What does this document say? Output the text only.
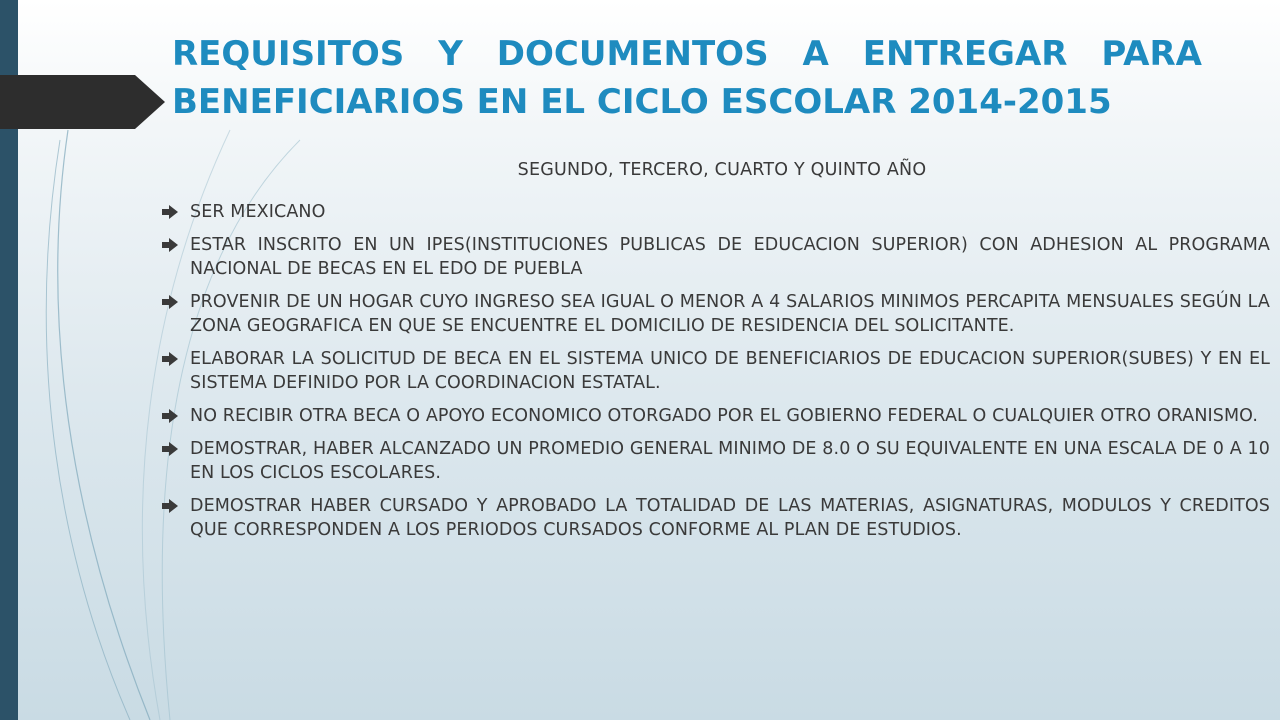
REQUISITOS Y DOCUMENTOS A ENTREGAR PARA BENEFICIARIOS EN EL CICLO ESCOLAR 2014-2015
SEGUNDO, TERCERO, CUARTO Y QUINTO AÑO
SER MEXICANO
ESTAR INSCRITO EN UN IPES(INSTITUCIONES PUBLICAS DE EDUCACION SUPERIOR) CON ADHESION AL PROGRAMA NACIONAL DE BECAS EN EL EDO DE PUEBLA
PROVENIR DE UN HOGAR CUYO INGRESO SEA IGUAL O MENOR A 4 SALARIOS MINIMOS PERCAPITA MENSUALES SEGÚN LA ZONA GEOGRAFICA EN QUE SE ENCUENTRE EL DOMICILIO DE RESIDENCIA DEL SOLICITANTE.
ELABORAR LA SOLICITUD DE BECA EN EL SISTEMA UNICO DE BENEFICIARIOS DE EDUCACION SUPERIOR(SUBES) Y EN EL SISTEMA DEFINIDO POR LA COORDINACION ESTATAL.
NO RECIBIR OTRA BECA O APOYO ECONOMICO OTORGADO POR EL GOBIERNO FEDERAL O CUALQUIER OTRO ORANISMO.
DEMOSTRAR, HABER ALCANZADO UN PROMEDIO GENERAL MINIMO DE 8.0 O SU EQUIVALENTE EN UNA ESCALA DE 0 A 10 EN LOS CICLOS ESCOLARES.
DEMOSTRAR HABER CURSADO Y APROBADO LA TOTALIDAD DE LAS MATERIAS, ASIGNATURAS, MODULOS Y CREDITOS QUE CORRESPONDEN A LOS PERIODOS CURSADOS CONFORME AL PLAN DE ESTUDIOS.
